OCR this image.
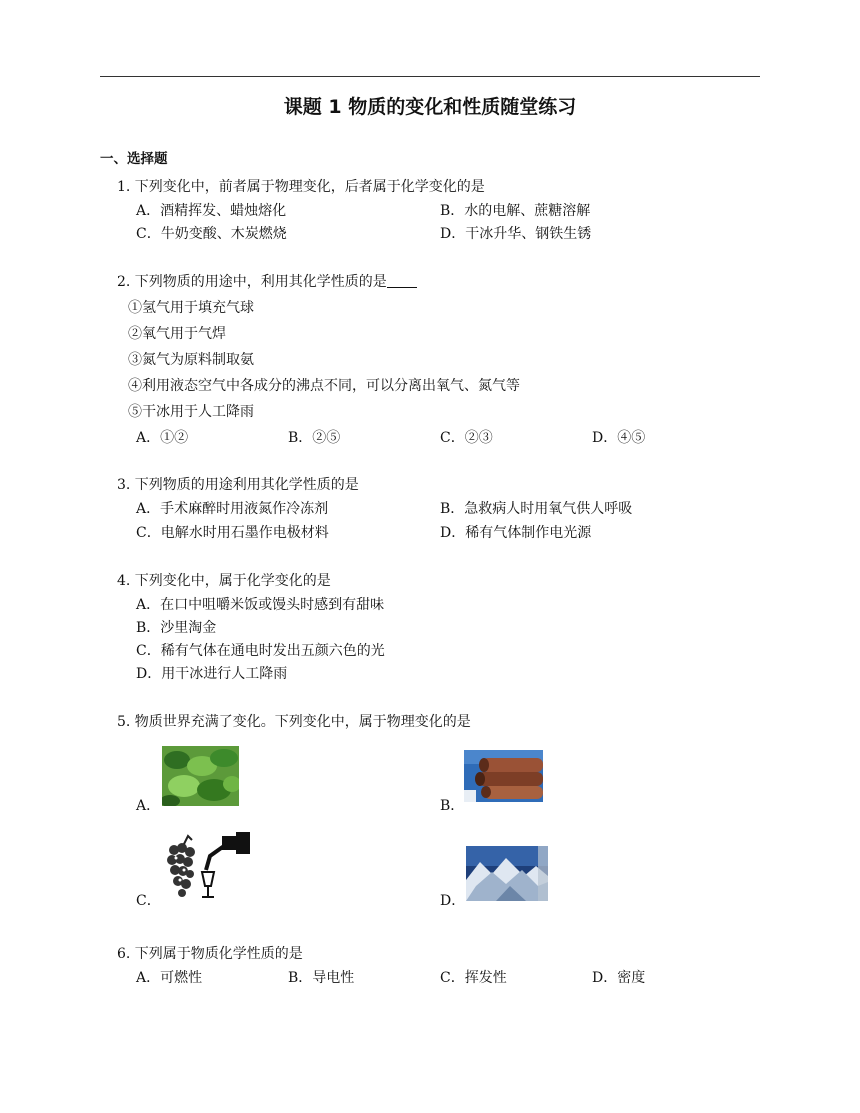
课题 1 物质的变化和性质随堂练习
一、选择题
1. 下列变化中，前者属于物理变化，后者属于化学变化的是
A．酒精挥发、蜡烛熔化	B．水的电解、蔗糖溶解
C．牛奶变酸、木炭燃烧	D．干冰升华、钢铁生锈
2. 下列物质的用途中，利用其化学性质的是
①氢气用于填充气球
②氧气用于气焊
③氮气为原料制取氨
④利用液态空气中各成分的沸点不同，可以分离出氧气、氮气等
⑤干冰用于人工降雨
A．①②	B．②⑤	C．②③	D．④⑤
3. 下列物质的用途利用其化学性质的是
A．手术麻醉时用液氮作冷冻剂	B．急救病人时用氧气供人呼吸
C．电解水时用石墨作电极材料	D．稀有气体制作电光源
4. 下列变化中，属于化学变化的是
A．在口中咀嚼米饭或馒头时感到有甜味
B．沙里淘金
C．稀有气体在通电时发出五颜六色的光
D．用干冰进行人工降雨
5. 物质世界充满了变化。下列变化中，属于物理变化的是
A．	B．
C．	D．
6. 下列属于物质化学性质的是
A．可燃性	B．导电性	C．挥发性	D．密度
